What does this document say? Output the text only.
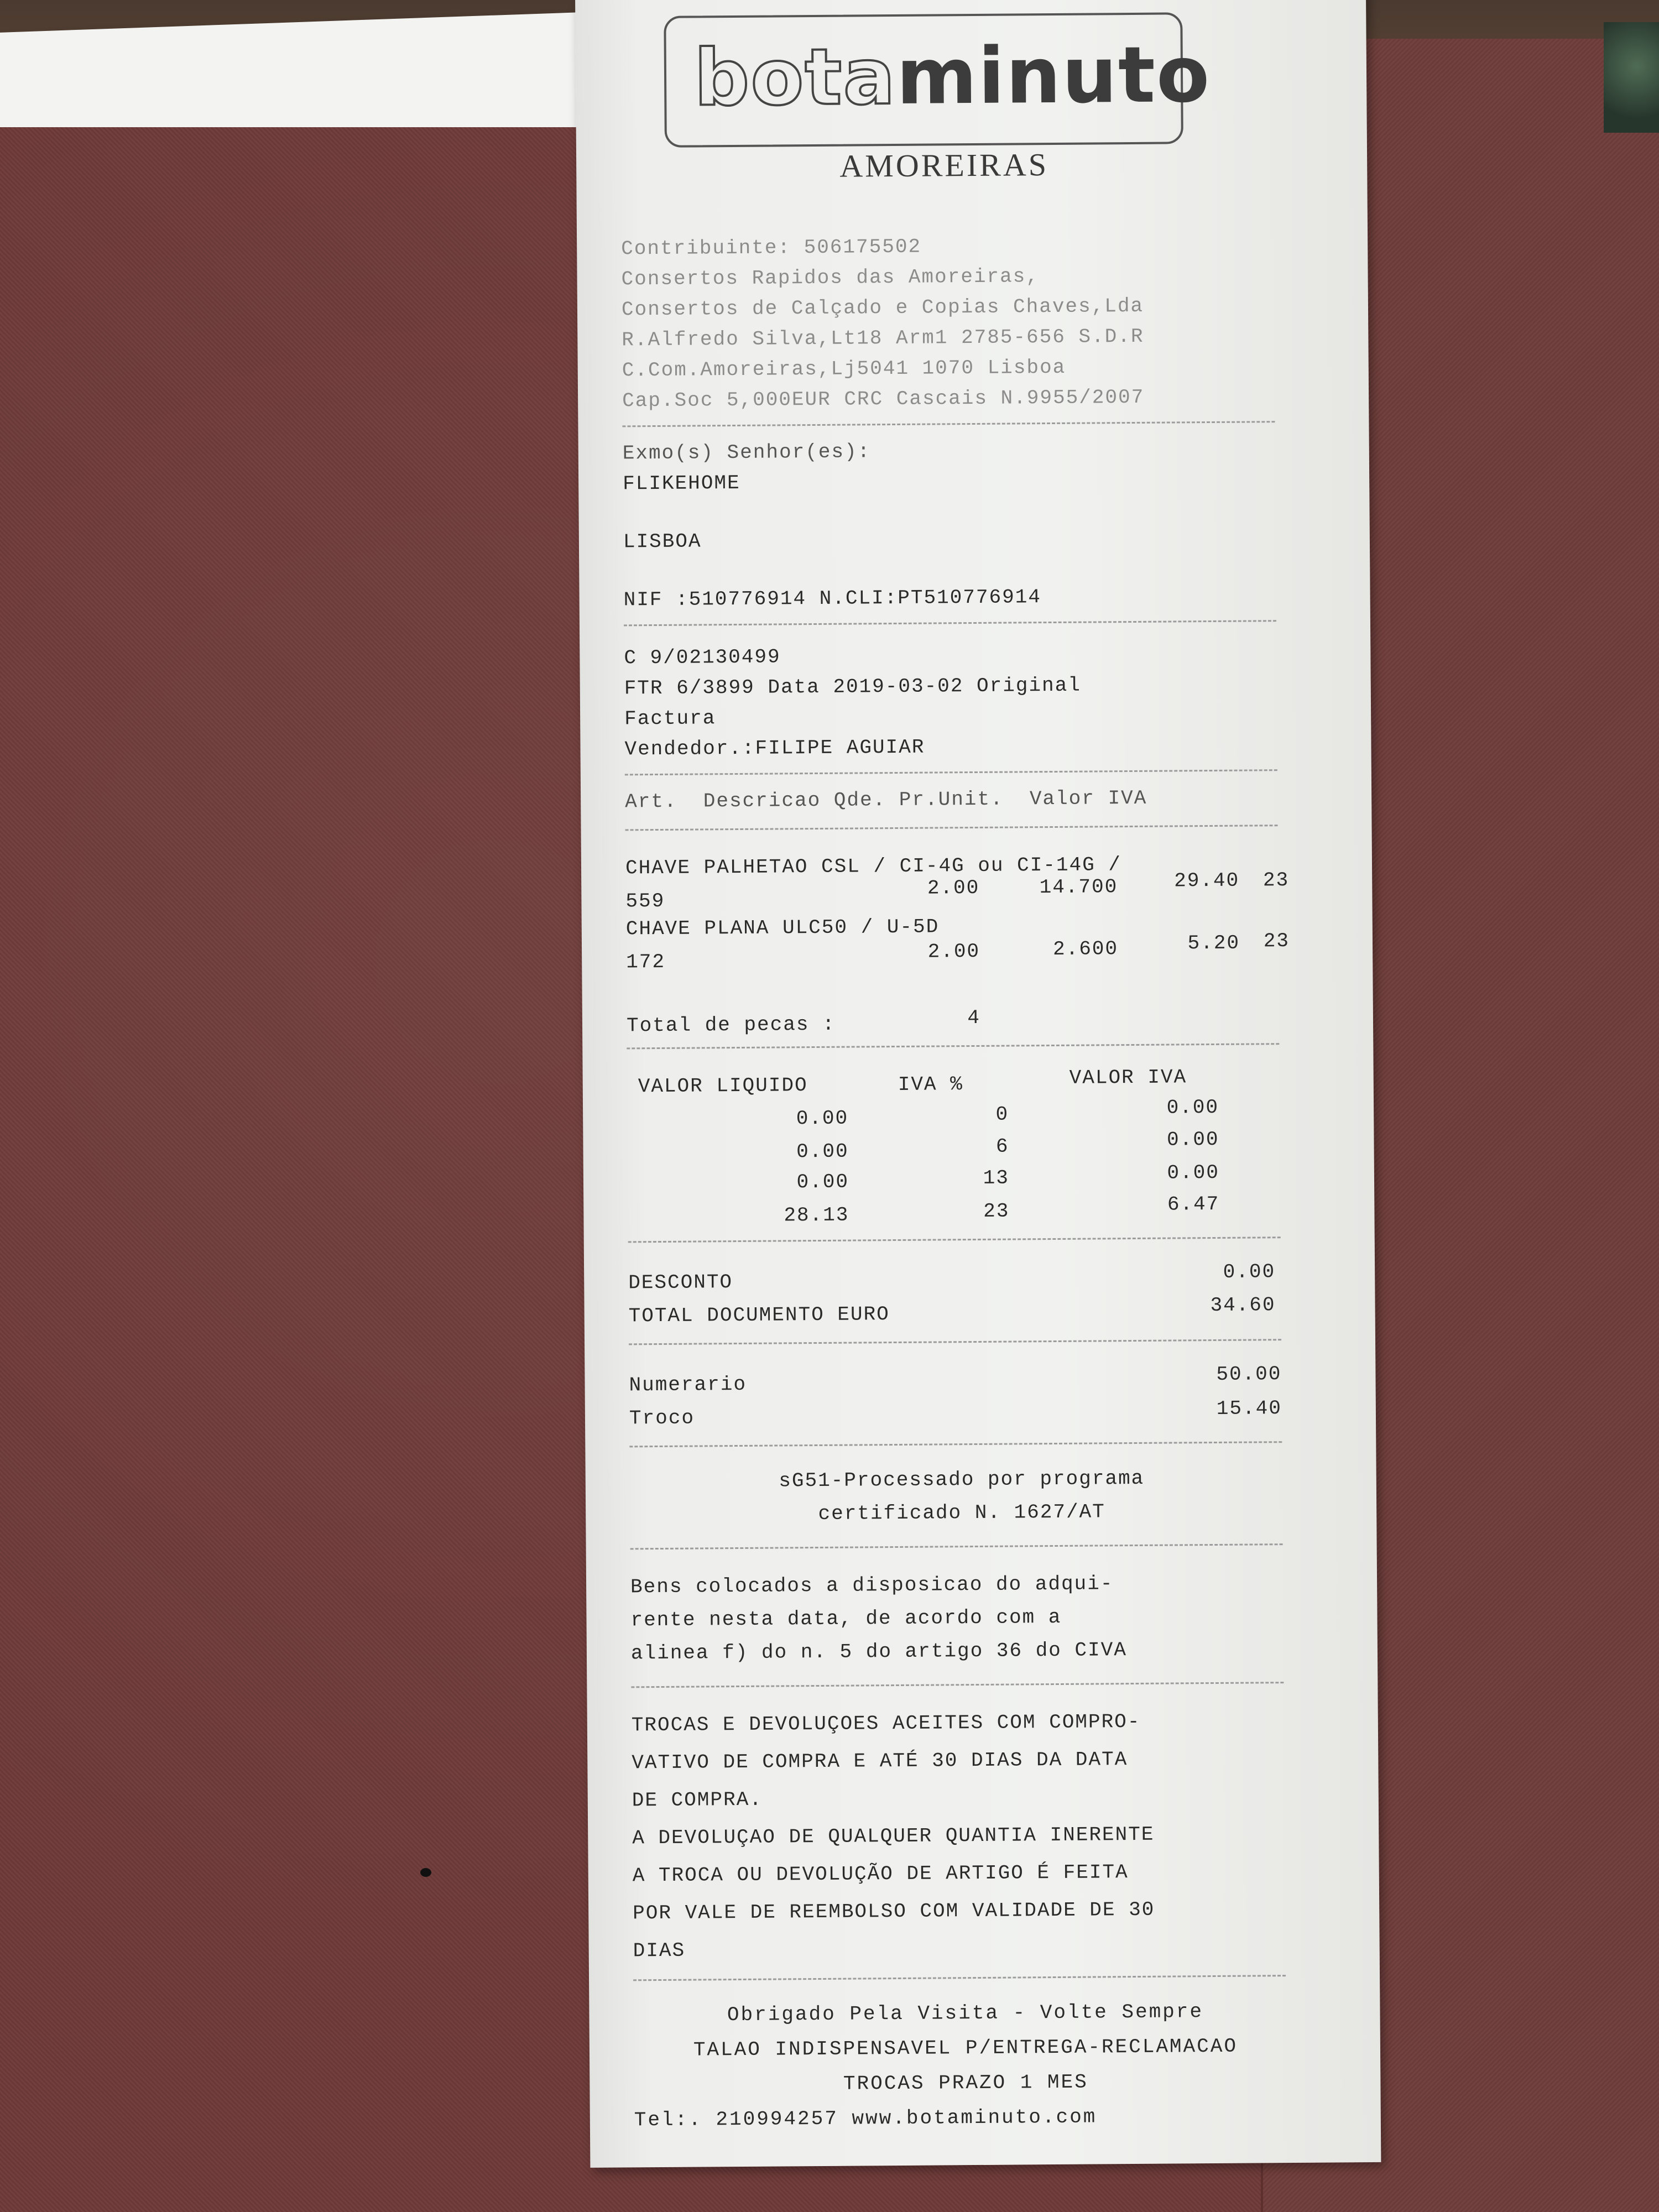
botaminuto
AMOREIRAS
Contribuinte: 506175502
Consertos Rapidos das Amoreiras,
Consertos de Calçado e Copias Chaves,Lda
R.Alfredo Silva,Lt18 Arm1 2785-656 S.D.R
C.Com.Amoreiras,Lj5041 1070 Lisboa
Cap.Soc 5,000EUR CRC Cascais N.9955/2007
Exmo(s) Senhor(es):
FLIKEHOME
LISBOA
NIF :510776914 N.CLI:PT510776914
C 9/02130499
FTR 6/3899 Data 2019-03-02 Original
Factura
Vendedor.:FILIPE AGUIAR
Art.  Descricao Qde. Pr.Unit.  Valor IVA
CHAVE PALHETAO CSL / CI-4G ou CI-14G /
559
2.00	14.700	29.40	23
CHAVE PLANA ULC50 / U-5D
172	2.00	2.600	5.20	23
Total de pecas :	4
VALOR LIQUIDO	IVA %	VALOR IVA
0.00	0	0.00
0.00	6	0.00
0.00	13	0.00
28.13	23	6.47
DESCONTO	0.00
TOTAL DOCUMENTO EURO	34.60
Numerario	50.00
Troco	15.40
sG51-Processado por programa
certificado N. 1627/AT
Bens colocados a disposicao do adqui-
rente nesta data, de acordo com a
alinea f) do n. 5 do artigo 36 do CIVA
TROCAS E DEVOLUÇOES ACEITES COM COMPRO-
VATIVO DE COMPRA E ATÉ 30 DIAS DA DATA
DE COMPRA.
A DEVOLUÇAO DE QUALQUER QUANTIA INERENTE
A TROCA OU DEVOLUÇÃO DE ARTIGO É FEITA
POR VALE DE REEMBOLSO COM VALIDADE DE 30
DIAS
Obrigado Pela Visita - Volte Sempre
TALAO INDISPENSAVEL P/ENTREGA-RECLAMACAO
TROCAS PRAZO 1 MES
Tel:. 210994257 www.botaminuto.com
